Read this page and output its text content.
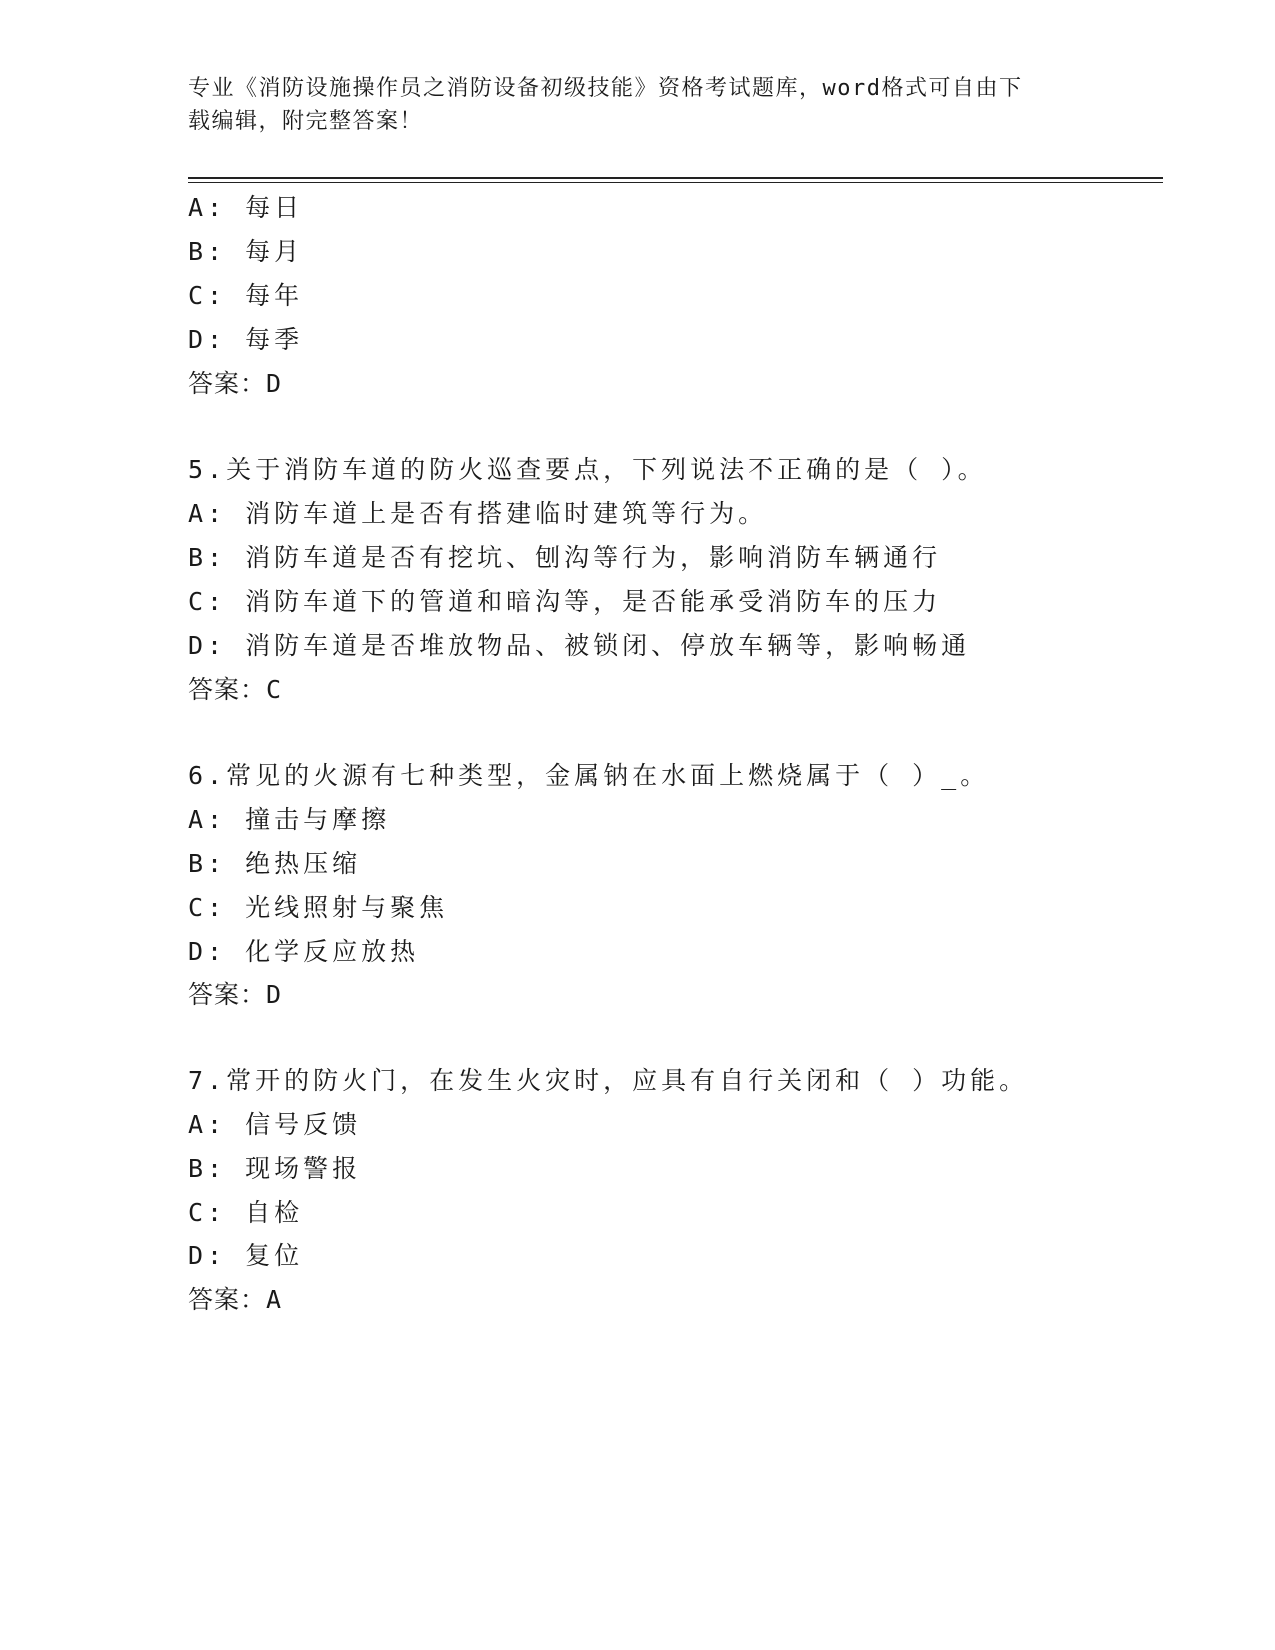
专业《消防设施操作员之消防设备初级技能》资格考试题库，word格式可自由下
载编辑，附完整答案！
A: 每日
B: 每月
C: 每年
D: 每季
答案：D
5.关于消防车道的防火巡查要点，下列说法不正确的是（ ）。
A: 消防车道上是否有搭建临时建筑等行为。
B: 消防车道是否有挖坑、刨沟等行为，影响消防车辆通行
C: 消防车道下的管道和暗沟等，是否能承受消防车的压力
D: 消防车道是否堆放物品、被锁闭、停放车辆等，影响畅通
答案：C
6.常见的火源有七种类型，金属钠在水面上燃烧属于（ ）_。
A: 撞击与摩擦
B: 绝热压缩
C: 光线照射与聚焦
D: 化学反应放热
答案：D
7.常开的防火门，在发生火灾时，应具有自行关闭和（ ）功能。
A: 信号反馈
B: 现场警报
C: 自检
D: 复位
答案：A
